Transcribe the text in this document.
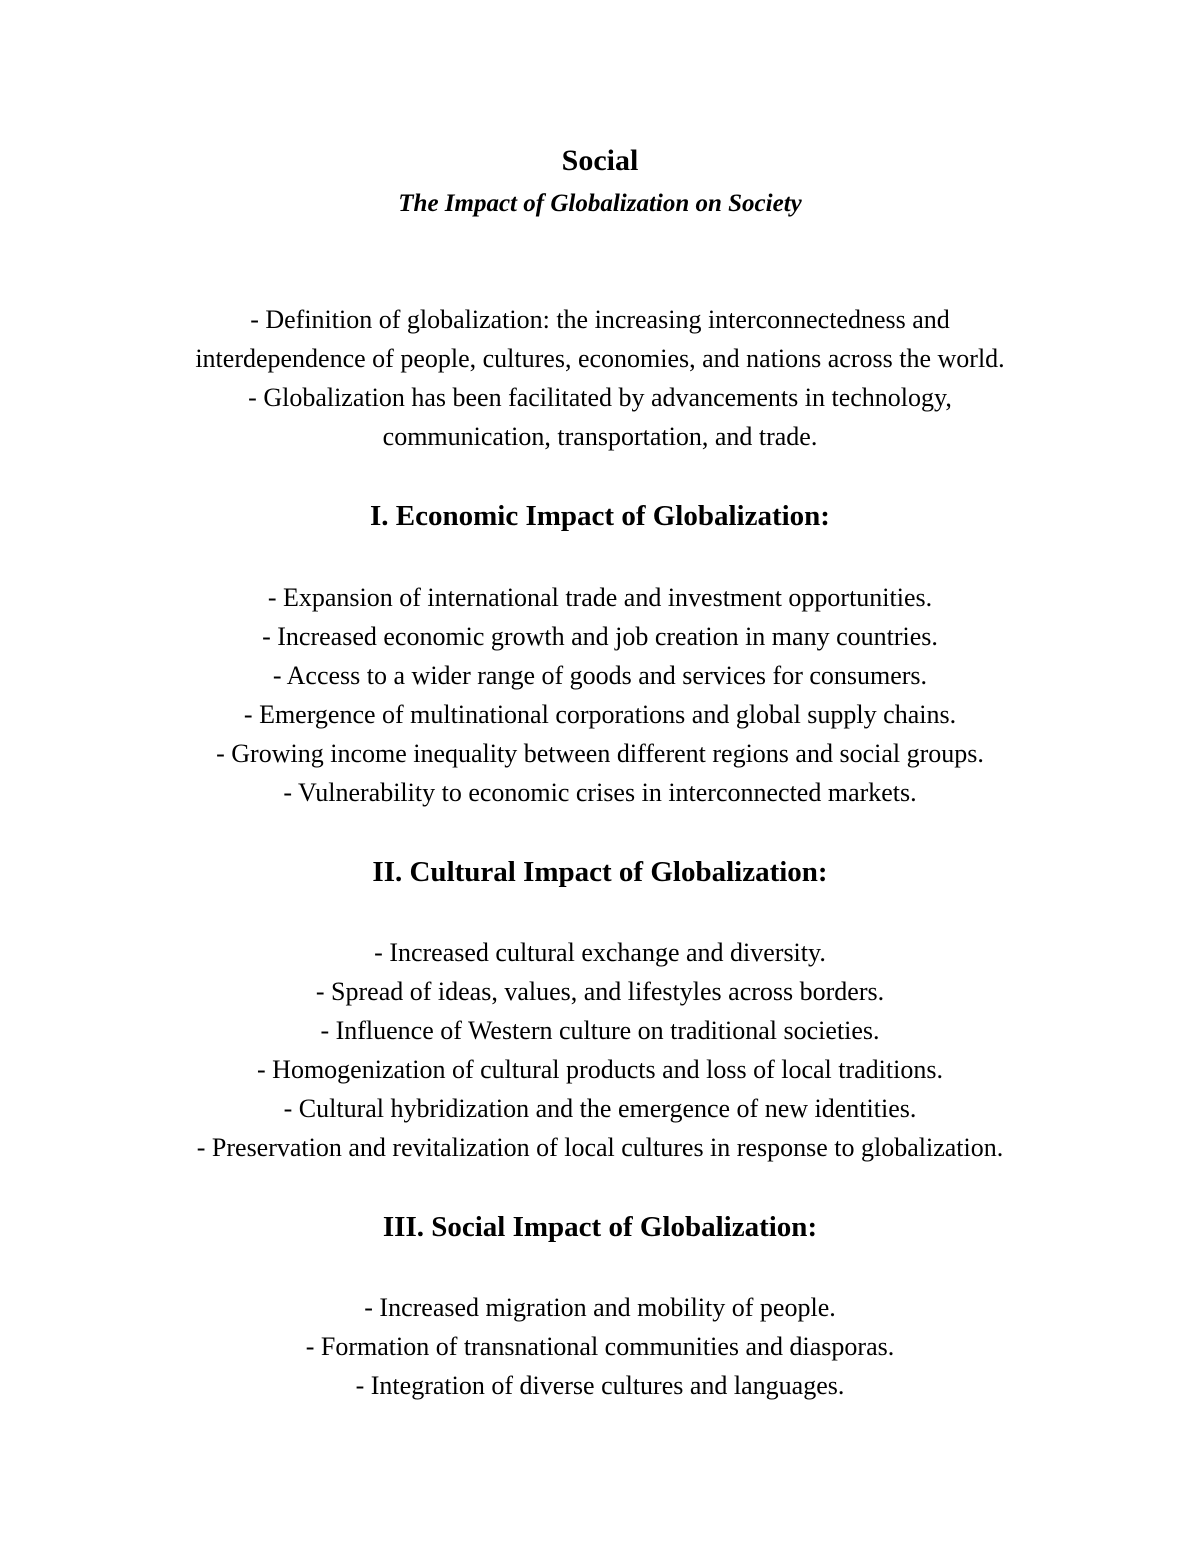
Social
The Impact of Globalization on Society
- Definition of globalization: the increasing interconnectedness and
interdependence of people, cultures, economies, and nations across the world.
- Globalization has been facilitated by advancements in technology,
communication, transportation, and trade.
I. Economic Impact of Globalization:
- Expansion of international trade and investment opportunities.
- Increased economic growth and job creation in many countries.
- Access to a wider range of goods and services for consumers.
- Emergence of multinational corporations and global supply chains.
- Growing income inequality between different regions and social groups.
- Vulnerability to economic crises in interconnected markets.
II. Cultural Impact of Globalization:
- Increased cultural exchange and diversity.
- Spread of ideas, values, and lifestyles across borders.
- Influence of Western culture on traditional societies.
- Homogenization of cultural products and loss of local traditions.
- Cultural hybridization and the emergence of new identities.
- Preservation and revitalization of local cultures in response to globalization.
III. Social Impact of Globalization:
- Increased migration and mobility of people.
- Formation of transnational communities and diasporas.
- Integration of diverse cultures and languages.
